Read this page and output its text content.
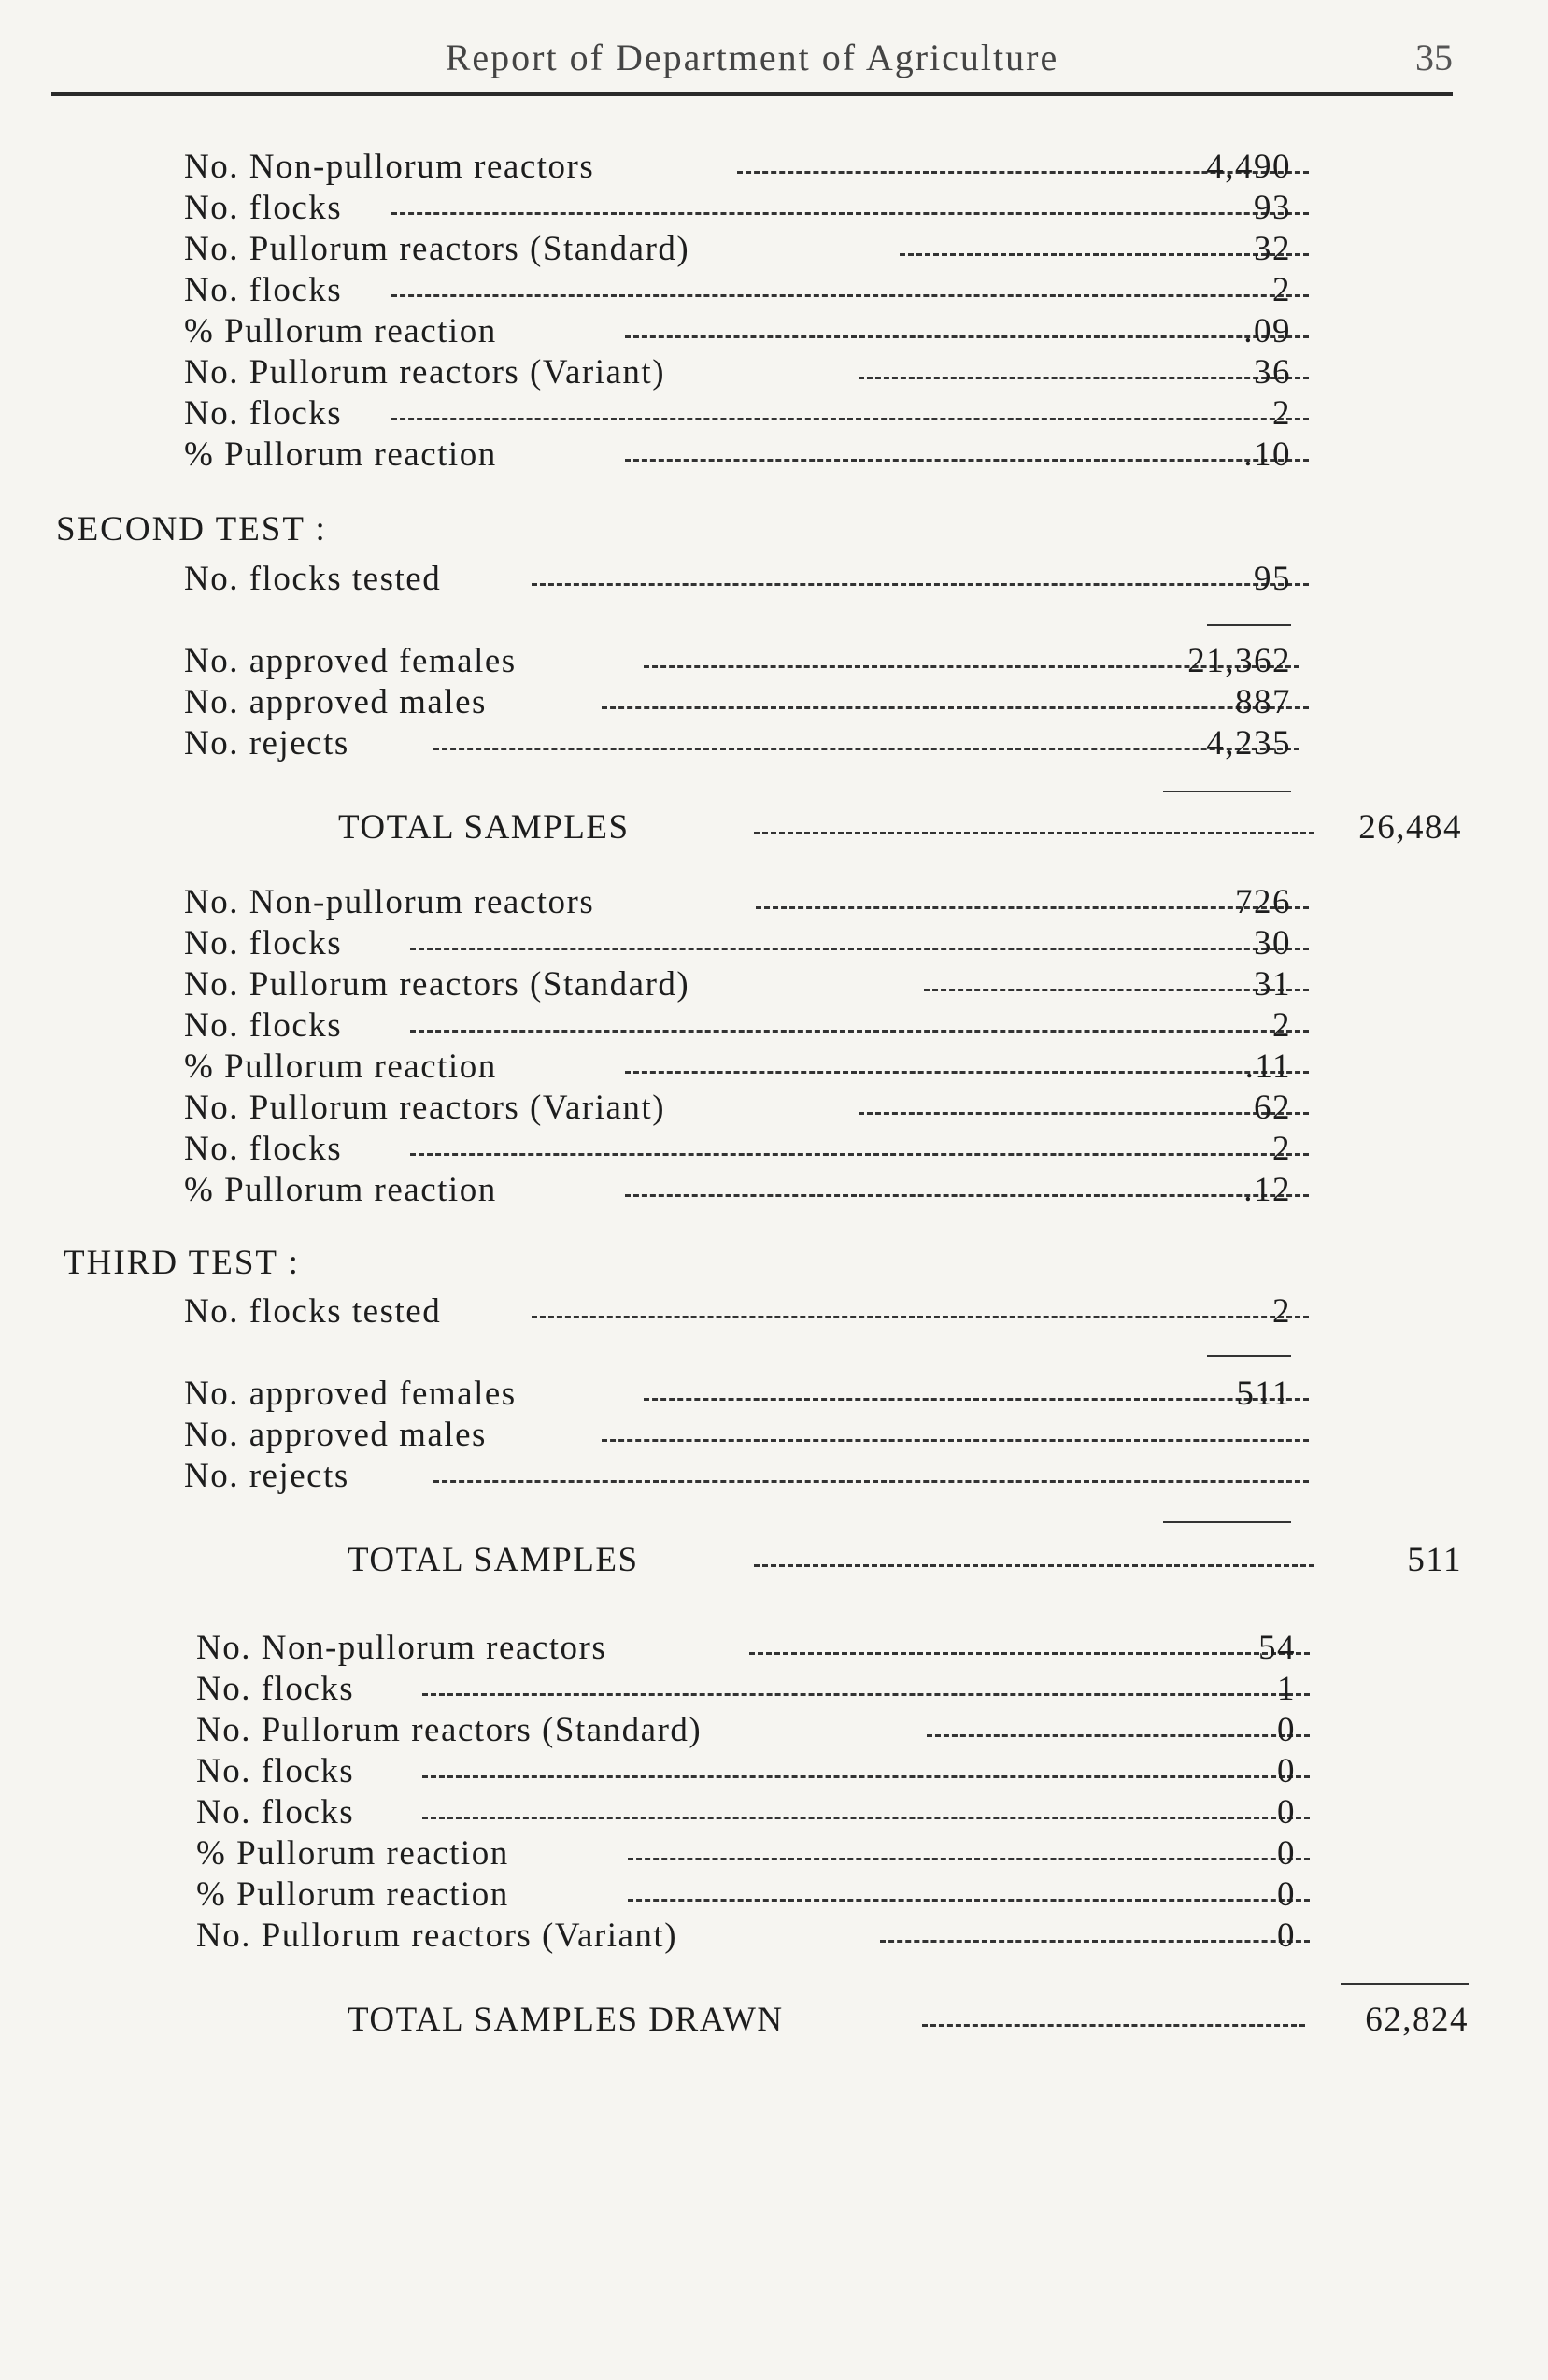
Report of Department of Agriculture	35
No. Non-pullorum reactors	4,490
No. flocks	93
No. Pullorum reactors (Standard)	32
No. flocks	2
% Pullorum reaction	.09
No. Pullorum reactors (Variant)	36
No. flocks	2
% Pullorum reaction	.10
SECOND TEST :
No. flocks tested	95
No. approved females	21,362
No. approved males	887
No. rejects	4,235
TOTAL SAMPLES	26,484
No. Non-pullorum reactors	726
No. flocks	30
No. Pullorum reactors (Standard)	31
No. flocks	2
% Pullorum reaction	.11
No. Pullorum reactors (Variant)	62
No. flocks	2
% Pullorum reaction	.12
THIRD TEST :
No. flocks tested	2
No. approved females	511
No. approved males
No. rejects
TOTAL SAMPLES	511
No. Non-pullorum reactors	54
No. flocks	1
No. Pullorum reactors (Standard)	0
No. flocks	0
No. flocks	0
% Pullorum reaction	0
% Pullorum reaction	0
No. Pullorum reactors (Variant)	0
TOTAL SAMPLES DRAWN	62,824
